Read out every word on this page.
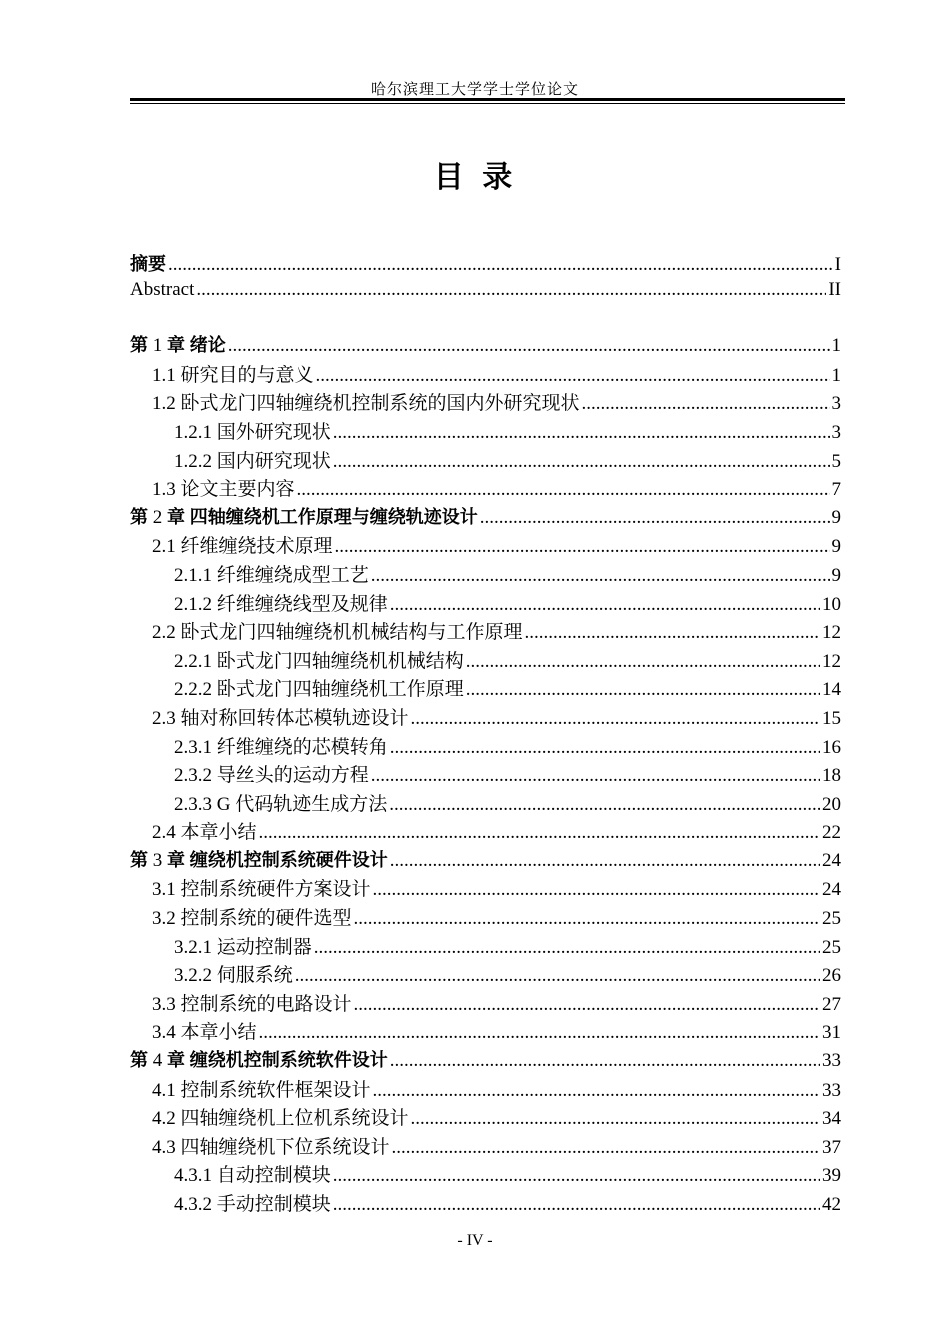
哈尔滨理工大学学士学位论文
目 录
摘要 .....	I
Abstract .....	II
第 1 章 绪论 .....	1
1.1 研究目的与意义 .....	1
1.2 卧式龙门四轴缠绕机控制系统的国内外研究现状 .....	3
1.2.1 国外研究现状 .....	3
1.2.2 国内研究现状 .....	5
1.3 论文主要内容 .....	7
第 2 章 四轴缠绕机工作原理与缠绕轨迹设计 .....	9
2.1 纤维缠绕技术原理 .....	9
2.1.1 纤维缠绕成型工艺 .....	9
2.1.2 纤维缠绕线型及规律 .....	10
2.2 卧式龙门四轴缠绕机机械结构与工作原理 .....	12
2.2.1 卧式龙门四轴缠绕机机械结构 .....	12
2.2.2 卧式龙门四轴缠绕机工作原理 .....	14
2.3 轴对称回转体芯模轨迹设计 .....	15
2.3.1 纤维缠绕的芯模转角 .....	16
2.3.2 导丝头的运动方程 .....	18
2.3.3 G 代码轨迹生成方法 .....	20
2.4 本章小结 .....	22
第 3 章 缠绕机控制系统硬件设计 .....	24
3.1 控制系统硬件方案设计 .....	24
3.2 控制系统的硬件选型 .....	25
3.2.1 运动控制器 .....	25
3.2.2 伺服系统 .....	26
3.3 控制系统的电路设计 .....	27
3.4 本章小结 .....	31
第 4 章 缠绕机控制系统软件设计 .....	33
4.1 控制系统软件框架设计 .....	33
4.2 四轴缠绕机上位机系统设计 .....	34
4.3 四轴缠绕机下位系统设计 .....	37
4.3.1 自动控制模块 .....	39
4.3.2 手动控制模块 .....	42
- IV -
